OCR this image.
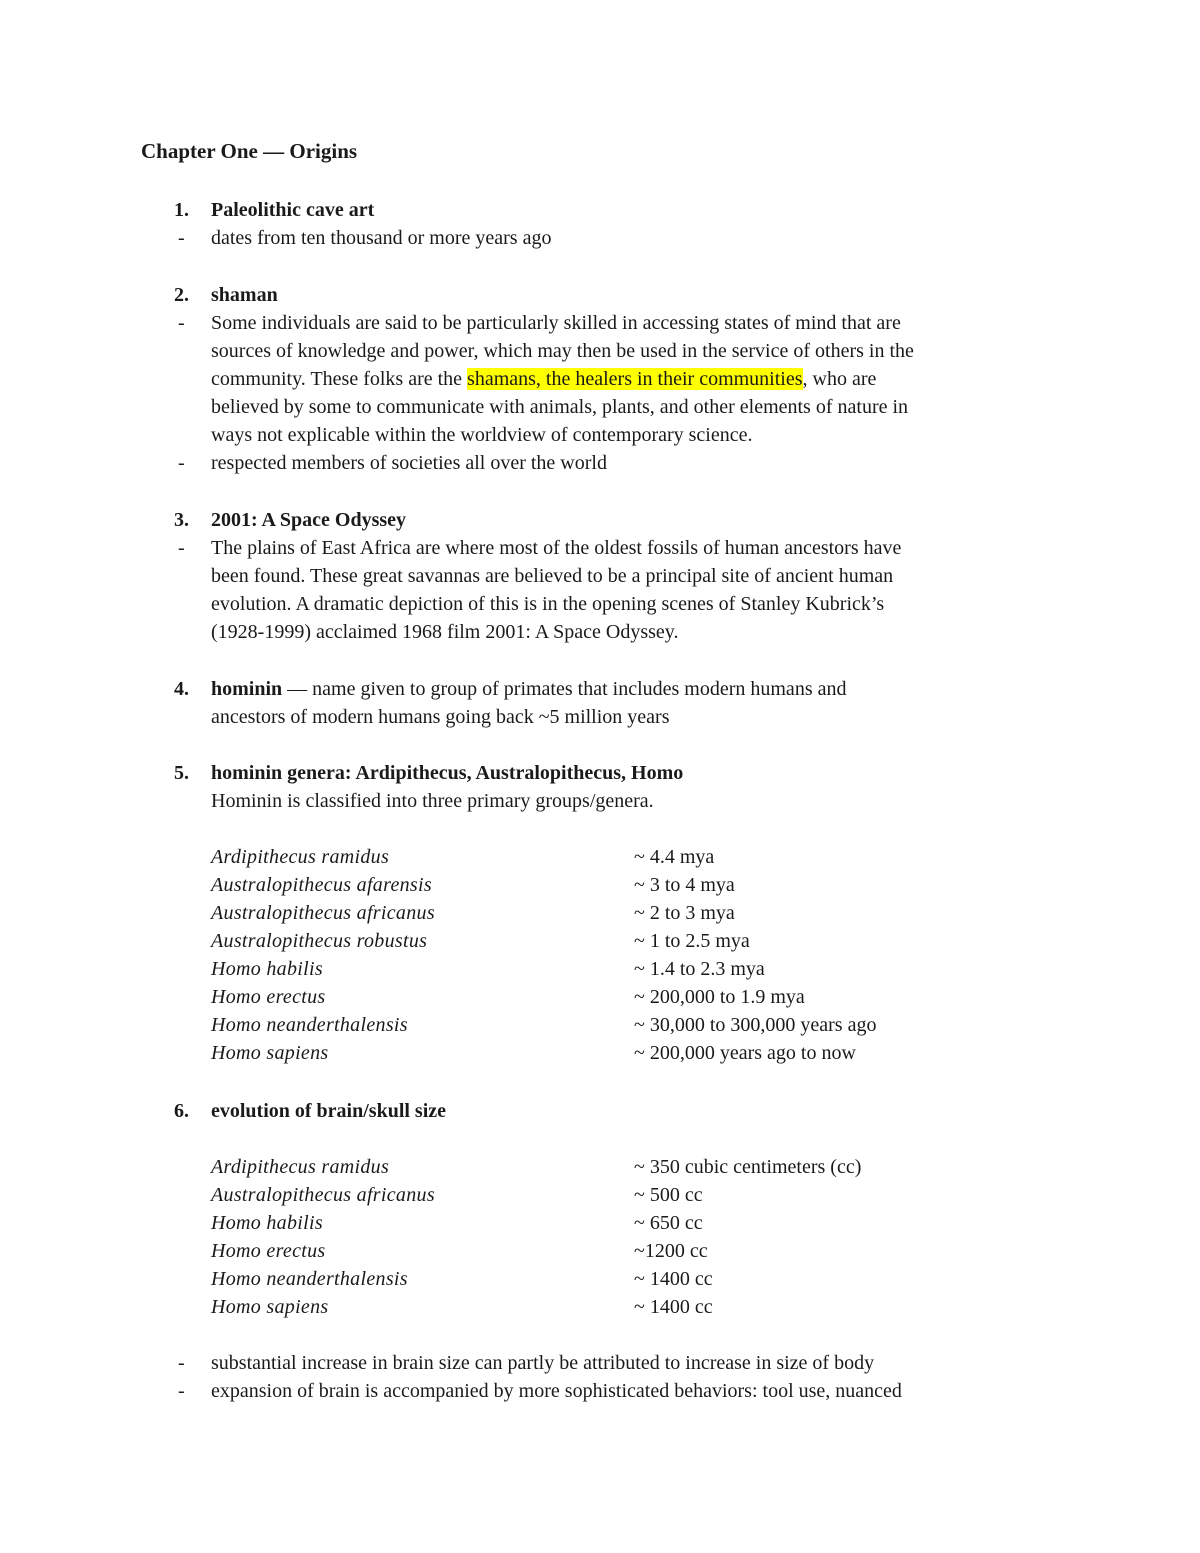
Chapter One — Origins
1. Paleolithic cave art
- dates from ten thousand or more years ago
2. shaman
- Some individuals are said to be particularly skilled in accessing states of mind that are
sources of knowledge and power, which may then be used in the service of others in the
community. These folks are the shamans, the healers in their communities, who are
believed by some to communicate with animals, plants, and other elements of nature in
ways not explicable within the worldview of contemporary science.
- respected members of societies all over the world
3. 2001: A Space Odyssey
- The plains of East Africa are where most of the oldest fossils of human ancestors have
been found. These great savannas are believed to be a principal site of ancient human
evolution. A dramatic depiction of this is in the opening scenes of Stanley Kubrick’s
(1928-1999) acclaimed 1968 film 2001: A Space Odyssey.
4. hominin — name given to group of primates that includes modern humans and
ancestors of modern humans going back ~5 million years
5. hominin genera: Ardipithecus, Australopithecus, Homo
Hominin is classified into three primary groups/genera.
Ardipithecus ramidus	~ 4.4 mya
Australopithecus afarensis	~ 3 to 4 mya
Australopithecus africanus	~ 2 to 3 mya
Australopithecus robustus	~ 1 to 2.5 mya
Homo habilis	~ 1.4 to 2.3 mya
Homo erectus	~ 200,000 to 1.9 mya
Homo neanderthalensis	~ 30,000 to 300,000 years ago
Homo sapiens	~ 200,000 years ago to now
6. evolution of brain/skull size
Ardipithecus ramidus	~ 350 cubic centimeters (cc)
Australopithecus africanus	~ 500 cc
Homo habilis	~ 650 cc
Homo erectus	~1200 cc
Homo neanderthalensis	~ 1400 cc
Homo sapiens	~ 1400 cc
- substantial increase in brain size can partly be attributed to increase in size of body
- expansion of brain is accompanied by more sophisticated behaviors: tool use, nuanced
